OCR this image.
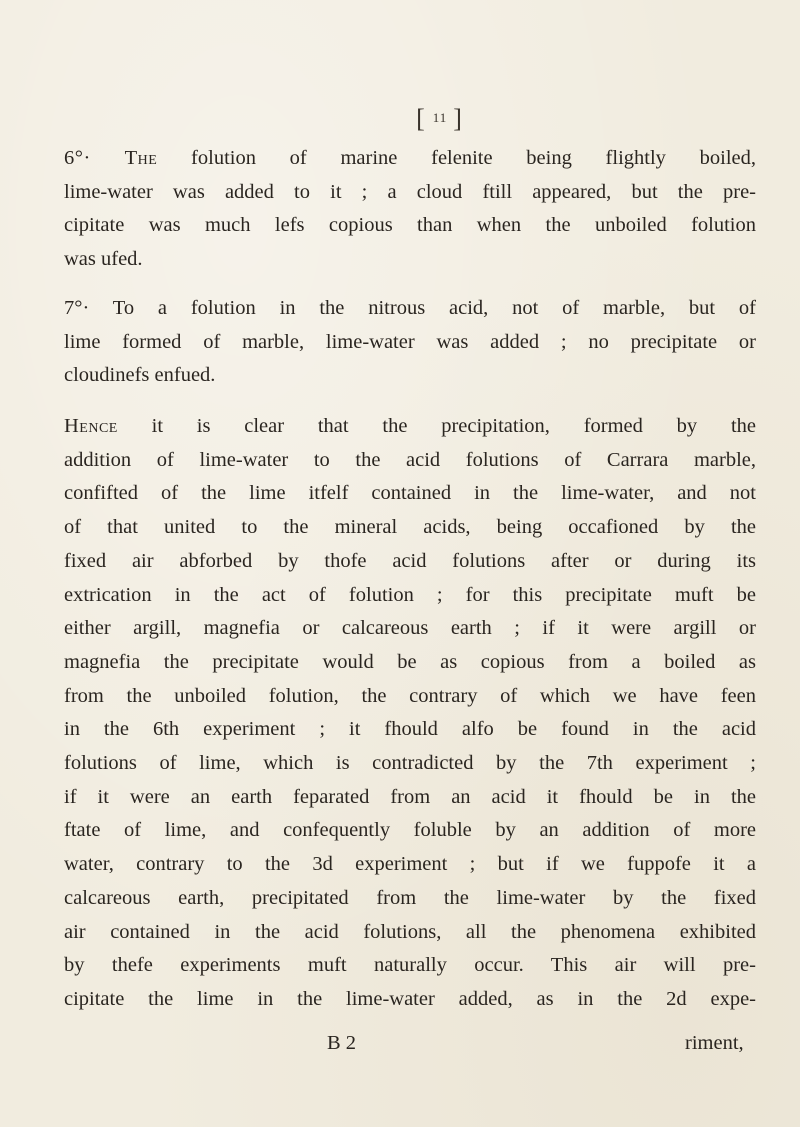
[ 11 ]
6°· The folution of marine felenite being flightly boiled,
lime-water was added to it ; a cloud ftill appeared, but the pre-
cipitate was much lefs copious than when the unboiled folution
was ufed.
7°· To a folution in the nitrous acid, not of marble, but of
lime formed of marble, lime-water was added ; no precipitate or
cloudinefs enfued.
Hence it is clear that the precipitation, formed by the
addition of lime-water to the acid folutions of Carrara marble,
confifted of the lime itfelf contained in the lime-water, and not
of that united to the mineral acids, being occafioned by the
fixed air abforbed by thofe acid folutions after or during its
extrication in the act of folution ; for this precipitate muft be
either argill, magnefia or calcareous earth ; if it were argill or
magnefia the precipitate would be as copious from a boiled as
from the unboiled folution, the contrary of which we have feen
in the 6th experiment ; it fhould alfo be found in the acid
folutions of lime, which is contradicted by the 7th experiment ;
if it were an earth feparated from an acid it fhould be in the
ftate of lime, and confequently foluble by an addition of more
water, contrary to the 3d experiment ; but if we fuppofe it a
calcareous earth, precipitated from the lime-water by the fixed
air contained in the acid folutions, all the phenomena exhibited
by thefe experiments muft naturally occur. This air will pre-
cipitate the lime in the lime-water added, as in the 2d expe-
B 2	riment,
